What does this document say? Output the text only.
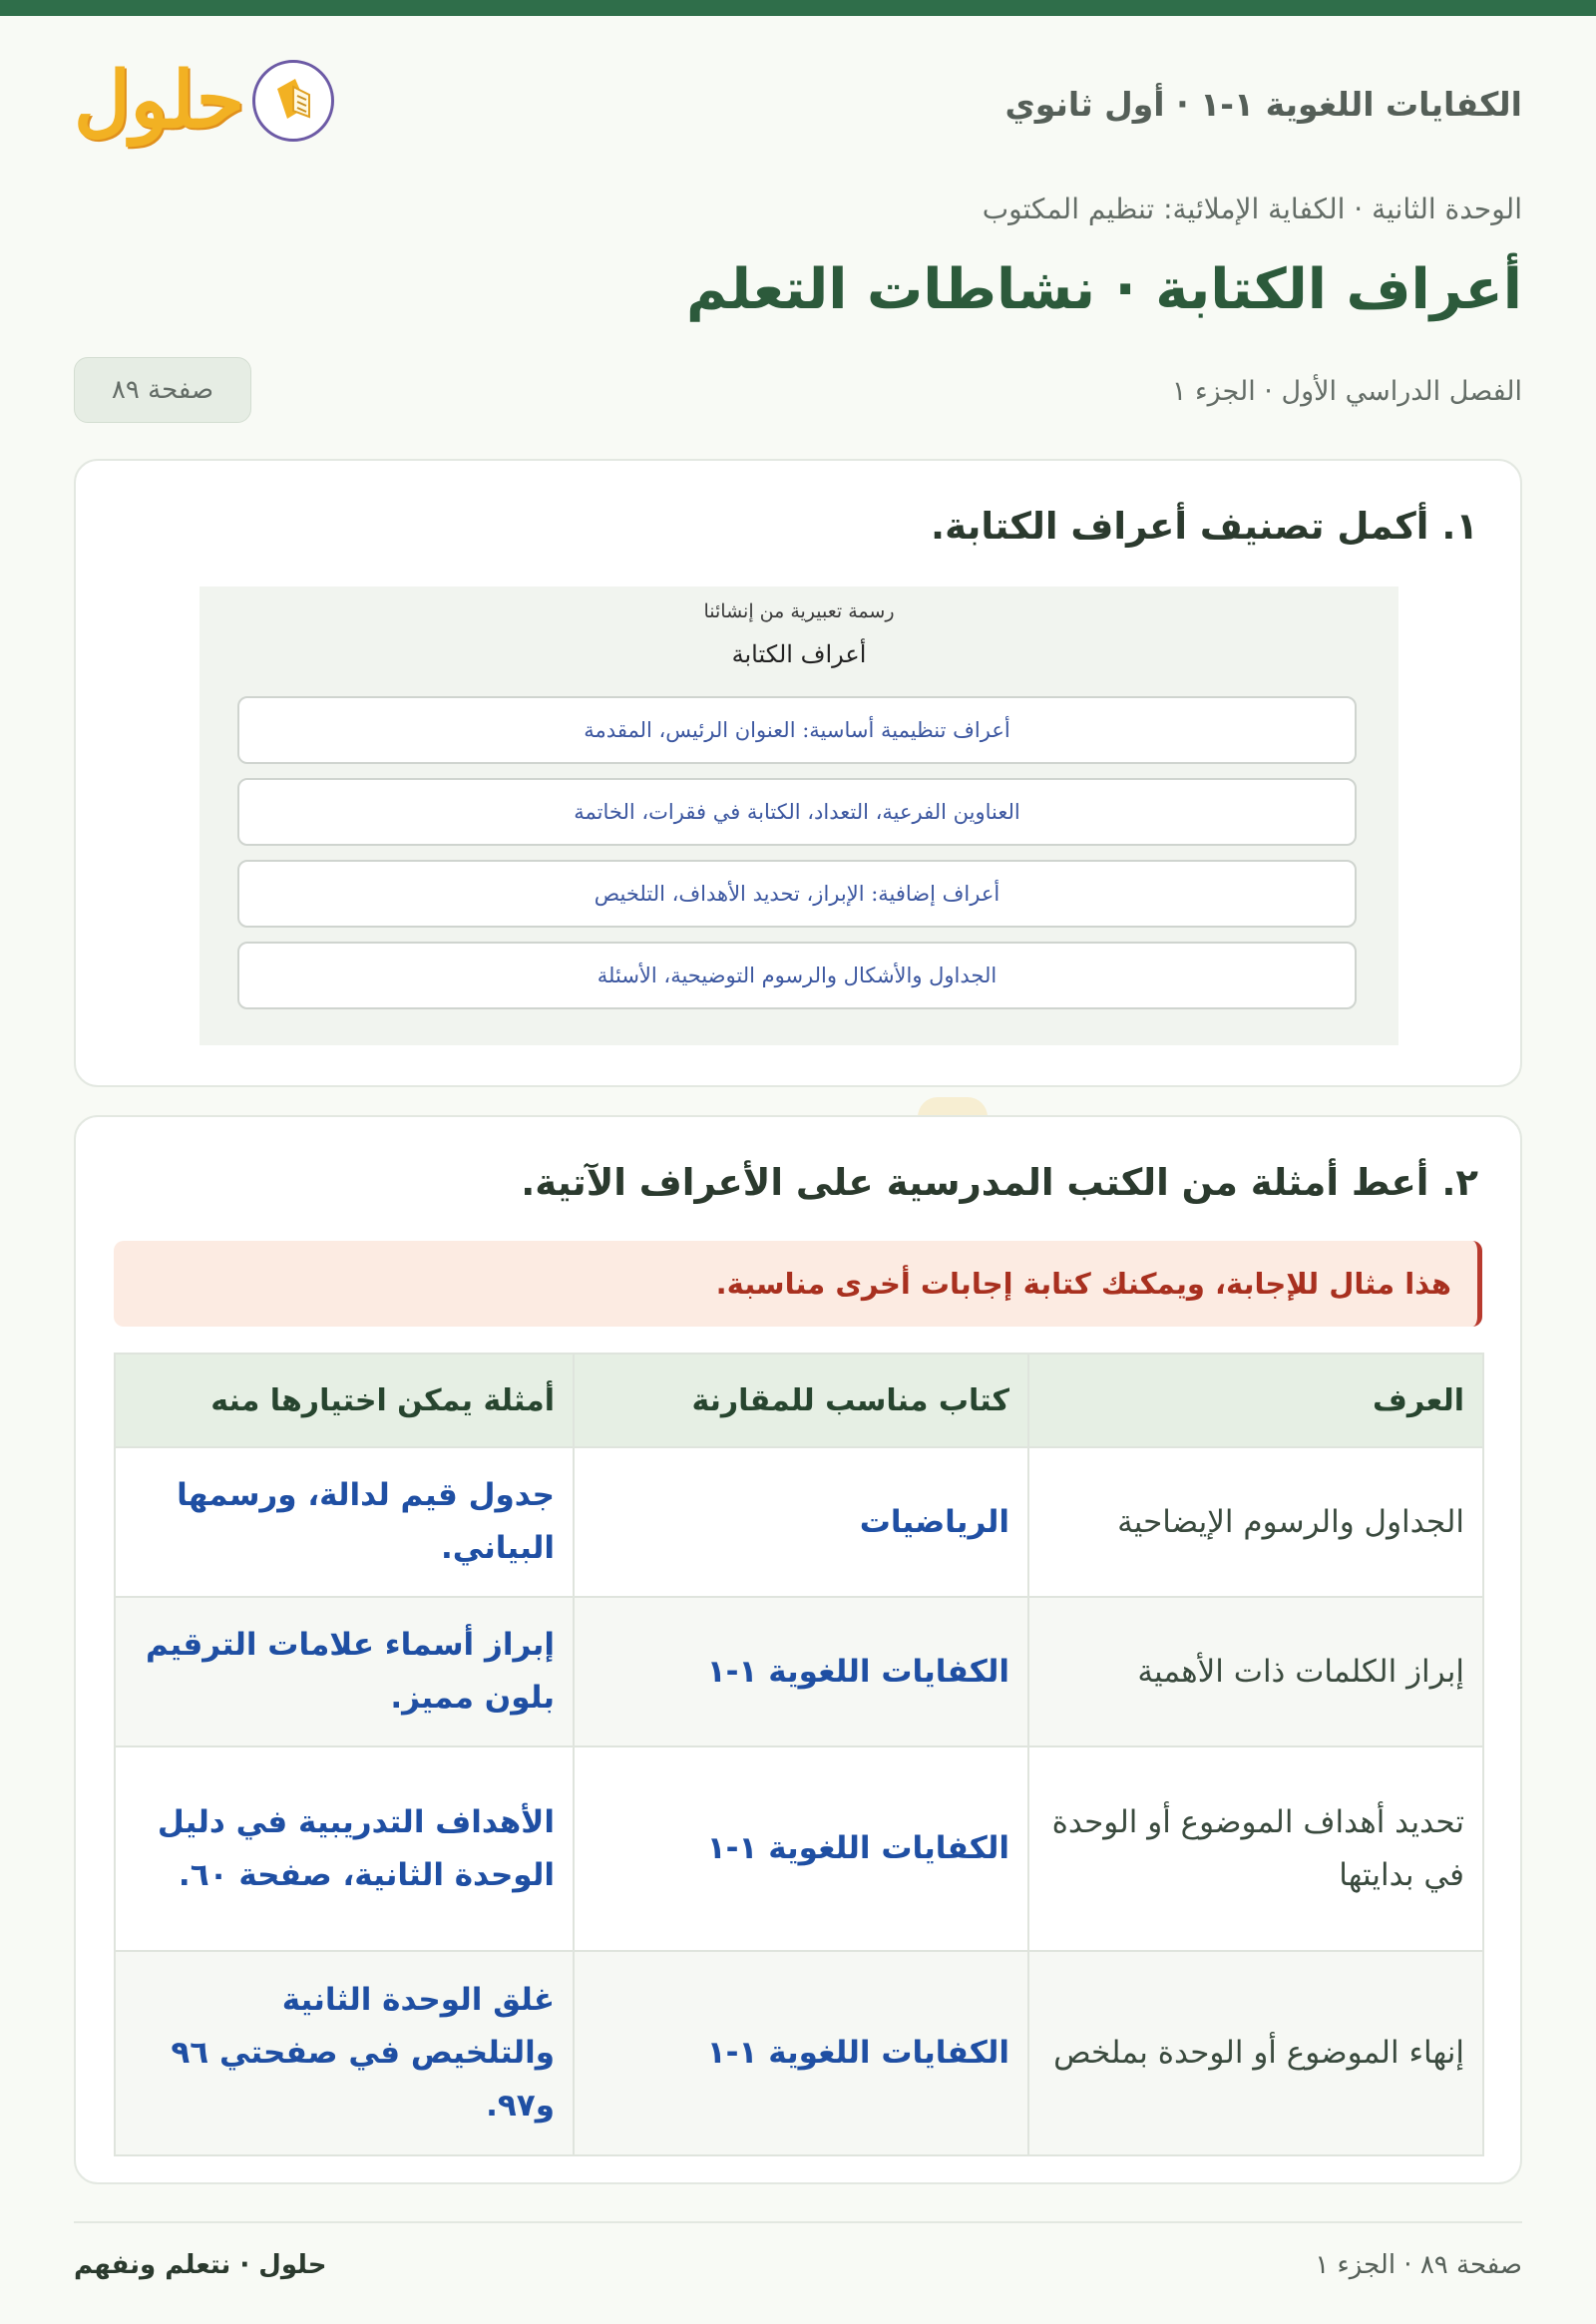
الكفايات اللغوية ١-١ · أول ثانوي
حلول
الوحدة الثانية · الكفاية الإملائية: تنظيم المكتوب
أعراف الكتابة · نشاطات التعلم
الفصل الدراسي الأول · الجزء ١
صفحة ٨٩
١. أكمل تصنيف أعراف الكتابة.
رسمة تعبيرية من إنشائنا
أعراف الكتابة
أعراف تنظيمية أساسية: العنوان الرئيس، المقدمة
العناوين الفرعية، التعداد، الكتابة في فقرات، الخاتمة
أعراف إضافية: الإبراز، تحديد الأهداف، التلخيص
الجداول والأشكال والرسوم التوضيحية، الأسئلة
٢. أعط أمثلة من الكتب المدرسية على الأعراف الآتية.
هذا مثال للإجابة، ويمكنك كتابة إجابات أخرى مناسبة.
العرف	كتاب مناسب للمقارنة	أمثلة يمكن اختيارها منه
الجداول والرسوم الإيضاحية	الرياضيات	جدول قيم لدالة، ورسمها البياني.
إبراز الكلمات ذات الأهمية	الكفايات اللغوية ١-١	إبراز أسماء علامات الترقيم بلون مميز.
تحديد أهداف الموضوع أو الوحدة في بدايتها	الكفايات اللغوية ١-١	الأهداف التدريبية في دليل الوحدة الثانية، صفحة ٦٠.
إنهاء الموضوع أو الوحدة بملخص	الكفايات اللغوية ١-١	غلق الوحدة الثانية والتلخيص في صفحتي ٩٦ و٩٧.
صفحة ٨٩ · الجزء ١
حلول · نتعلم ونفهم
